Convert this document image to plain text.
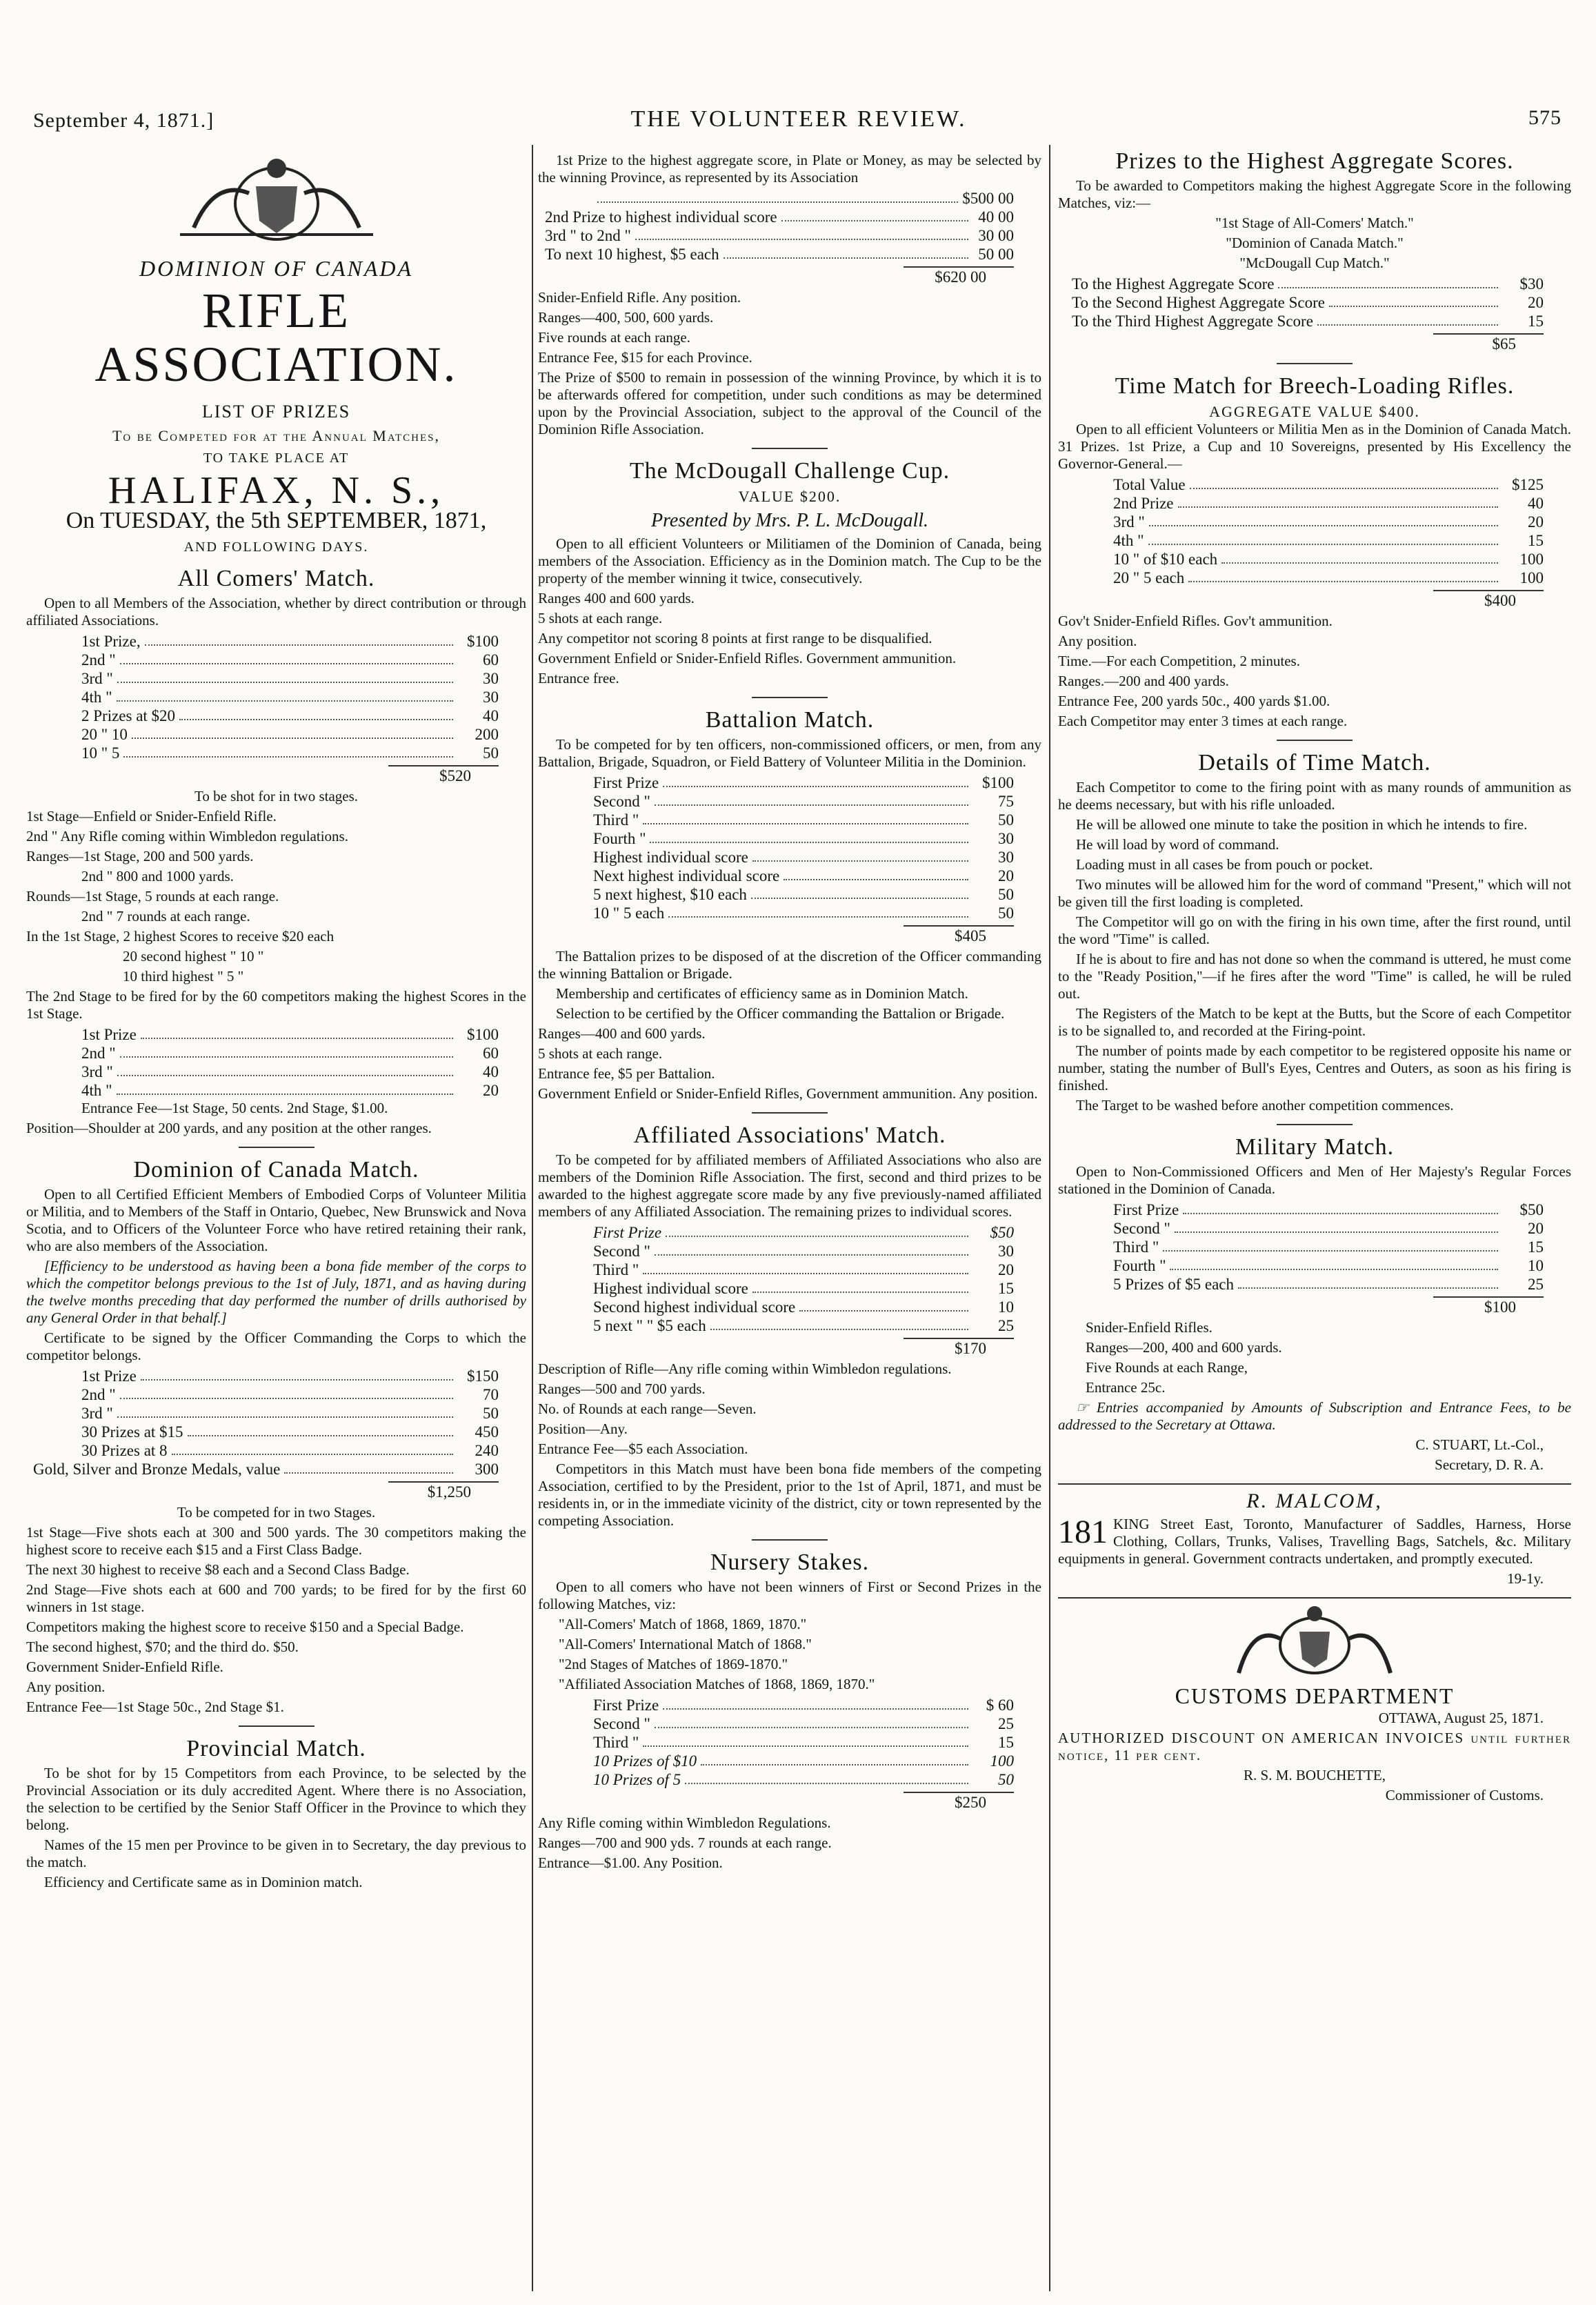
September 4, 1871.]	THE VOLUNTEER REVIEW.	575
DOMINION OF CANADA
RIFLE ASSOCIATION.
LIST OF PRIZES
To be Competed for at the Annual Matches,
TO TAKE PLACE AT
HALIFAX, N. S.,
On TUESDAY, the 5th SEPTEMBER, 1871,
AND FOLLOWING DAYS.
All Comers' Match.

Open to all Members of the Association, whether by direct contribution or through affiliated Associations.

1st Prize,	$100
2nd "	60
3rd "	30
4th "	30
2 Prizes at $20	40
20 " 10	200
10 " 5	50
$520

To be shot for in two stages.

1st Stage—Enfield or Snider-Enfield Rifle.

2nd " Any Rifle coming within Wimbledon regulations.

Ranges—1st Stage, 200 and 500 yards.

2nd " 800 and 1000 yards.

Rounds—1st Stage, 5 rounds at each range.

2nd " 7 rounds at each range.

In the 1st Stage, 2 highest Scores to receive $20 each

20 second highest " 10 "

10 third highest " 5 "

The 2nd Stage to be fired for by the 60 competitors making the highest Scores in the 1st Stage.

1st Prize	$100
2nd "	60
3rd "	40
4th "	20

Entrance Fee—1st Stage, 50 cents. 2nd Stage, $1.00.

Position—Shoulder at 200 yards, and any position at the other ranges.

Dominion of Canada Match.

Open to all Certified Efficient Members of Embodied Corps of Volunteer Militia or Militia, and to Members of the Staff in Ontario, Quebec, New Brunswick and Nova Scotia, and to Officers of the Volunteer Force who have retired retaining their rank, who are also members of the Association.

[Efficiency to be understood as having been a bona fide member of the corps to which the competitor belongs previous to the 1st of July, 1871, and as having during the twelve months preceding that day performed the number of drills authorised by any General Order in that behalf.]

Certificate to be signed by the Officer Commanding the Corps to which the competitor belongs.

1st Prize	$150
2nd "	70
3rd "	50
30 Prizes at $15	450
30 Prizes at 8	240
Gold, Silver and Bronze Medals, value	300
$1,250

To be competed for in two Stages.

1st Stage—Five shots each at 300 and 500 yards. The 30 competitors making the highest score to receive each $15 and a First Class Badge.

The next 30 highest to receive $8 each and a Second Class Badge.

2nd Stage—Five shots each at 600 and 700 yards; to be fired for by the first 60 winners in 1st stage.

Competitors making the highest score to receive $150 and a Special Badge.

The second highest, $70; and the third do. $50.

Government Snider-Enfield Rifle.

Any position.

Entrance Fee—1st Stage 50c., 2nd Stage $1.

Provincial Match.

To be shot for by 15 Competitors from each Province, to be selected by the Provincial Association or its duly accredited Agent. Where there is no Association, the selection to be certified by the Senior Staff Officer in the Province to which they belong.

Names of the 15 men per Province to be given in to Secretary, the day previous to the match.

Efficiency and Certificate same as in Dominion match.

1st Prize to the highest aggregate score, in Plate or Money, as may be selected by the winning Province, as represented by its Association

$500 00
2nd Prize to highest individual score	40 00
3rd " to 2nd "	30 00
To next 10 highest, $5 each	50 00
$620 00

Snider-Enfield Rifle. Any position.

Ranges—400, 500, 600 yards.

Five rounds at each range.

Entrance Fee, $15 for each Province.

The Prize of $500 to remain in possession of the winning Province, by which it is to be afterwards offered for competition, under such conditions as may be determined upon by the Provincial Association, subject to the approval of the Council of the Dominion Rifle Association.

The McDougall Challenge Cup.
VALUE $200.
Presented by Mrs. P. L. McDougall.

Open to all efficient Volunteers or Militiamen of the Dominion of Canada, being members of the Association. Efficiency as in the Dominion match. The Cup to be the property of the member winning it twice, consecutively.

Ranges 400 and 600 yards.

5 shots at each range.

Any competitor not scoring 8 points at first range to be disqualified.

Government Enfield or Snider-Enfield Rifles. Government ammunition.

Entrance free.

Battalion Match.

To be competed for by ten officers, non-commissioned officers, or men, from any Battalion, Brigade, Squadron, or Field Battery of Volunteer Militia in the Dominion.

First Prize	$100
Second "	75
Third "	50
Fourth "	30
Highest individual score	30
Next highest individual score	20
5 next highest, $10 each	50
10 " 5 each	50
$405

The Battalion prizes to be disposed of at the discretion of the Officer commanding the winning Battalion or Brigade.

Membership and certificates of efficiency same as in Dominion Match.

Selection to be certified by the Officer commanding the Battalion or Brigade.

Ranges—400 and 600 yards.

5 shots at each range.

Entrance fee, $5 per Battalion.

Government Enfield or Snider-Enfield Rifles, Government ammunition. Any position.

Affiliated Associations' Match.

To be competed for by affiliated members of Affiliated Associations who also are members of the Dominion Rifle Association. The first, second and third prizes to be awarded to the highest aggregate score made by any five previously-named affiliated members of any Affiliated Association. The remaining prizes to individual scores.

First Prize	$50
Second "	30
Third "	20
Highest individual score	15
Second highest individual score	10
5 next " " $5 each	25
$170

Description of Rifle—Any rifle coming within Wimbledon regulations.

Ranges—500 and 700 yards.

No. of Rounds at each range—Seven.

Position—Any.

Entrance Fee—$5 each Association.

Competitors in this Match must have been bona fide members of the competing Association, certified to by the President, prior to the 1st of April, 1871, and must be residents in, or in the immediate vicinity of the district, city or town represented by the competing Association.

Nursery Stakes.

Open to all comers who have not been winners of First or Second Prizes in the following Matches, viz:

"All-Comers' Match of 1868, 1869, 1870."

"All-Comers' International Match of 1868."

"2nd Stages of Matches of 1869-1870."

"Affiliated Association Matches of 1868, 1869, 1870."

First Prize	$ 60
Second "	25
Third "	15
10 Prizes of $10	100
10 Prizes of 5	50
$250

Any Rifle coming within Wimbledon Regulations.

Ranges—700 and 900 yds. 7 rounds at each range.

Entrance—$1.00. Any Position.

Prizes to the Highest Aggregate Scores.

To be awarded to Competitors making the highest Aggregate Score in the following Matches, viz:—

"1st Stage of All-Comers' Match."

"Dominion of Canada Match."

"McDougall Cup Match."

To the Highest Aggregate Score	$30
To the Second Highest Aggregate Score	20
To the Third Highest Aggregate Score	15
$65
Time Match for Breech-Loading Rifles.
AGGREGATE VALUE $400.

Open to all efficient Volunteers or Militia Men as in the Dominion of Canada Match. 31 Prizes. 1st Prize, a Cup and 10 Sovereigns, presented by His Excellency the Governor-General.—

Total Value	$125
2nd Prize	40
3rd "	20
4th "	15
10 " of $10 each	100
20 " 5 each	100
$400

Gov't Snider-Enfield Rifles. Gov't ammunition.

Any position.

Time.—For each Competition, 2 minutes.

Ranges.—200 and 400 yards.

Entrance Fee, 200 yards 50c., 400 yards $1.00.

Each Competitor may enter 3 times at each range.

Details of Time Match.

Each Competitor to come to the firing point with as many rounds of ammunition as he deems necessary, but with his rifle unloaded.

He will be allowed one minute to take the position in which he intends to fire.

He will load by word of command.

Loading must in all cases be from pouch or pocket.

Two minutes will be allowed him for the word of command "Present," which will not be given till the first loading is completed.

The Competitor will go on with the firing in his own time, after the first round, until the word "Time" is called.

If he is about to fire and has not done so when the command is uttered, he must come to the "Ready Position,"—if he fires after the word "Time" is called, he will be ruled out.

The Registers of the Match to be kept at the Butts, but the Score of each Competitor is to be signalled to, and recorded at the Firing-point.

The number of points made by each competitor to be registered opposite his name or number, stating the number of Bull's Eyes, Centres and Outers, as soon as his firing is finished.

The Target to be washed before another competition commences.

Military Match.

Open to Non-Commissioned Officers and Men of Her Majesty's Regular Forces stationed in the Dominion of Canada.

First Prize	$50
Second "	20
Third "	15
Fourth "	10
5 Prizes of $5 each	25
$100

Snider-Enfield Rifles.

Ranges—200, 400 and 600 yards.

Five Rounds at each Range,

Entrance 25c.

☞ Entries accompanied by Amounts of Subscription and Entrance Fees, to be addressed to the Secretary at Ottawa.

C. STUART, Lt.-Col.,

Secretary, D. R. A.

R. MALCOM,

181 KING Street East, Toronto, Manufacturer of Saddles, Harness, Horse Clothing, Collars, Trunks, Valises, Travelling Bags, Satchels, &c. Military equipments in general. Government contracts undertaken, and promptly executed.

19-1y.

CUSTOMS DEPARTMENT

OTTAWA, August 25, 1871.

AUTHORIZED DISCOUNT ON AMERICAN INVOICES until further notice, 11 per cent.

R. S. M. BOUCHETTE,

Commissioner of Customs.
